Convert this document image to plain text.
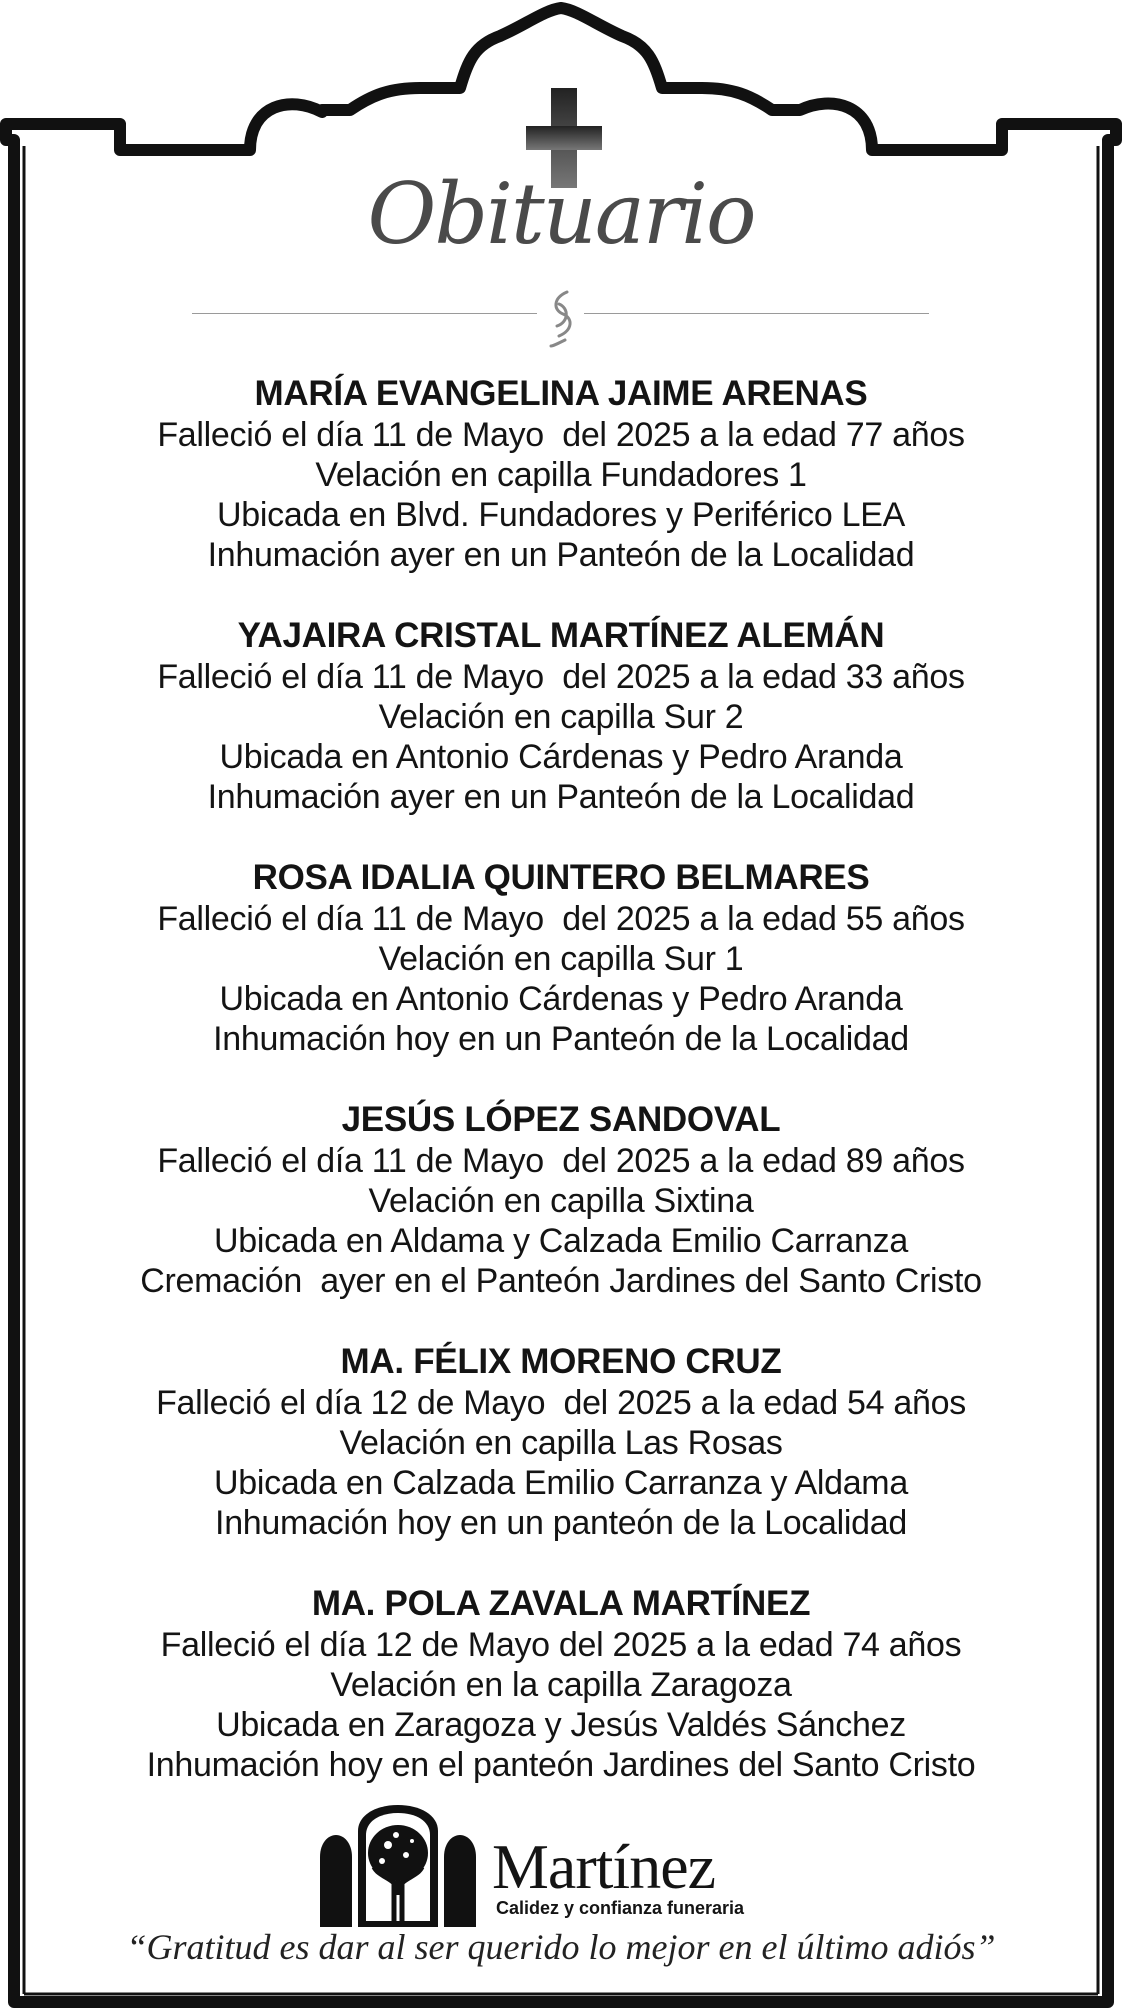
Obituario
MARÍA EVANGELINA JAIME ARENAS
Falleció el día 11 de Mayo  del 2025 a la edad 77 años
Velación en capilla Fundadores 1
Ubicada en Blvd. Fundadores y Periférico LEA
Inhumación ayer en un Panteón de la Localidad
YAJAIRA CRISTAL MARTÍNEZ ALEMÁN
Falleció el día 11 de Mayo  del 2025 a la edad 33 años
Velación en capilla Sur 2
Ubicada en Antonio Cárdenas y Pedro Aranda
Inhumación ayer en un Panteón de la Localidad
ROSA IDALIA QUINTERO BELMARES
Falleció el día 11 de Mayo  del 2025 a la edad 55 años
Velación en capilla Sur 1
Ubicada en Antonio Cárdenas y Pedro Aranda
Inhumación hoy en un Panteón de la Localidad
JESÚS LÓPEZ SANDOVAL
Falleció el día 11 de Mayo  del 2025 a la edad 89 años
Velación en capilla Sixtina
Ubicada en Aldama y Calzada Emilio Carranza
Cremación  ayer en el Panteón Jardines del Santo Cristo
MA. FÉLIX MORENO CRUZ
Falleció el día 12 de Mayo  del 2025 a la edad 54 años
Velación en capilla Las Rosas
Ubicada en Calzada Emilio Carranza y Aldama
Inhumación hoy en un panteón de la Localidad
MA. POLA ZAVALA MARTÍNEZ
Falleció el día 12 de Mayo del 2025 a la edad 74 años
Velación en la capilla Zaragoza
Ubicada en Zaragoza y Jesús Valdés Sánchez
Inhumación hoy en el panteón Jardines del Santo Cristo
Martínez
Calidez y confianza funeraria
“Gratitud es dar al ser querido lo mejor en el último adiós”
